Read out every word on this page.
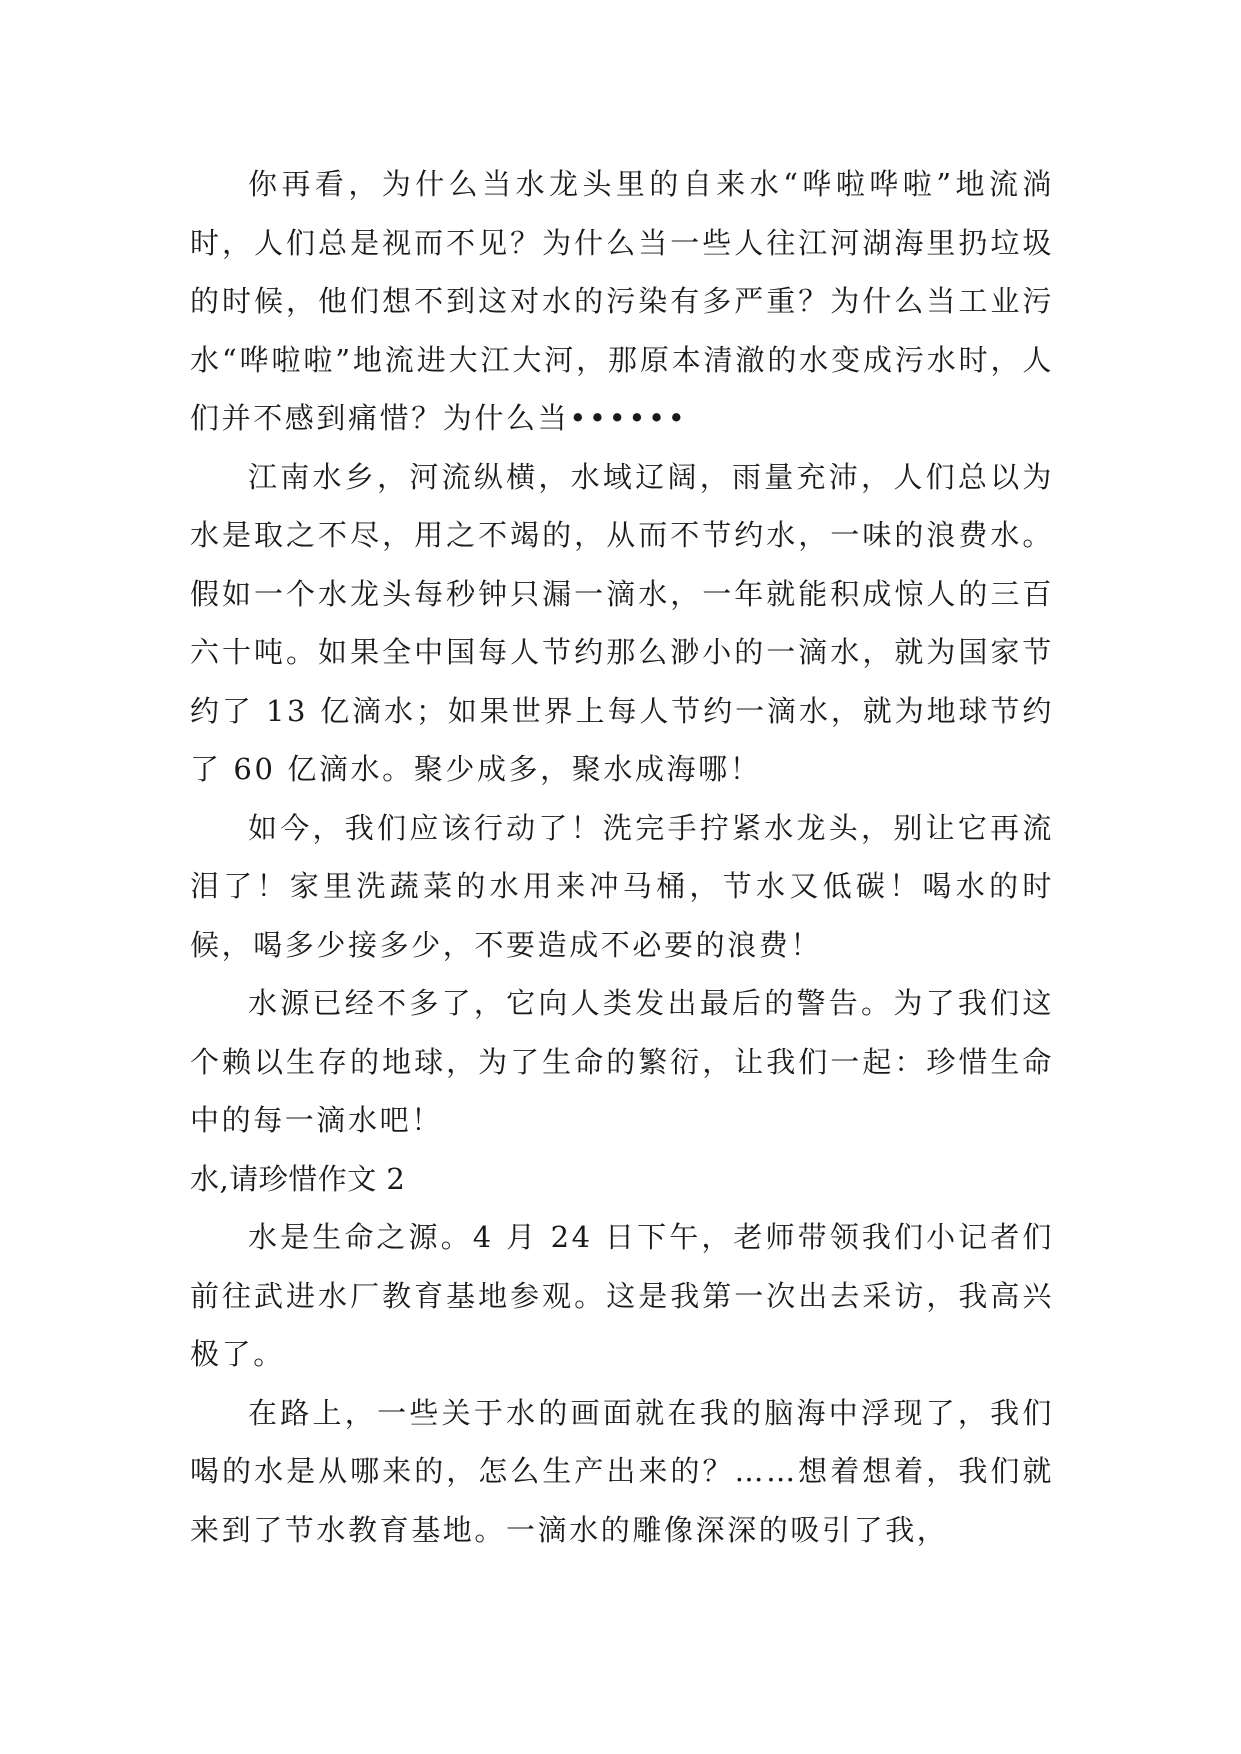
你再看，为什么当水龙头里的自来水“哗啦哗啦”地流淌时，人们总是视而不见？为什么当一些人往江河湖海里扔垃圾的时候，他们想不到这对水的污染有多严重？为什么当工业污水“哗啦啦”地流进大江大河，那原本清澈的水变成污水时，人们并不感到痛惜？为什么当••••••

江南水乡，河流纵横，水域辽阔，雨量充沛，人们总以为水是取之不尽，用之不竭的，从而不节约水，一味的浪费水。假如一个水龙头每秒钟只漏一滴水，一年就能积成惊人的三百六十吨。如果全中国每人节约那么渺小的一滴水，就为国家节约了 13 亿滴水；如果世界上每人节约一滴水，就为地球节约了 60 亿滴水。聚少成多，聚水成海哪！

如今，我们应该行动了！洗完手拧紧水龙头，别让它再流泪了！家里洗蔬菜的水用来冲马桶，节水又低碳！喝水的时候，喝多少接多少，不要造成不必要的浪费！

水源已经不多了，它向人类发出最后的警告。为了我们这个赖以生存的地球，为了生命的繁衍，让我们一起：珍惜生命中的每一滴水吧！

水,请珍惜作文 2

水是生命之源。4 月 24 日下午，老师带领我们小记者们前往武进水厂教育基地参观。这是我第一次出去采访，我高兴极了。

在路上，一些关于水的画面就在我的脑海中浮现了，我们喝的水是从哪来的，怎么生产出来的？……想着想着，我们就来到了节水教育基地。一滴水的雕像深深的吸引了我，
